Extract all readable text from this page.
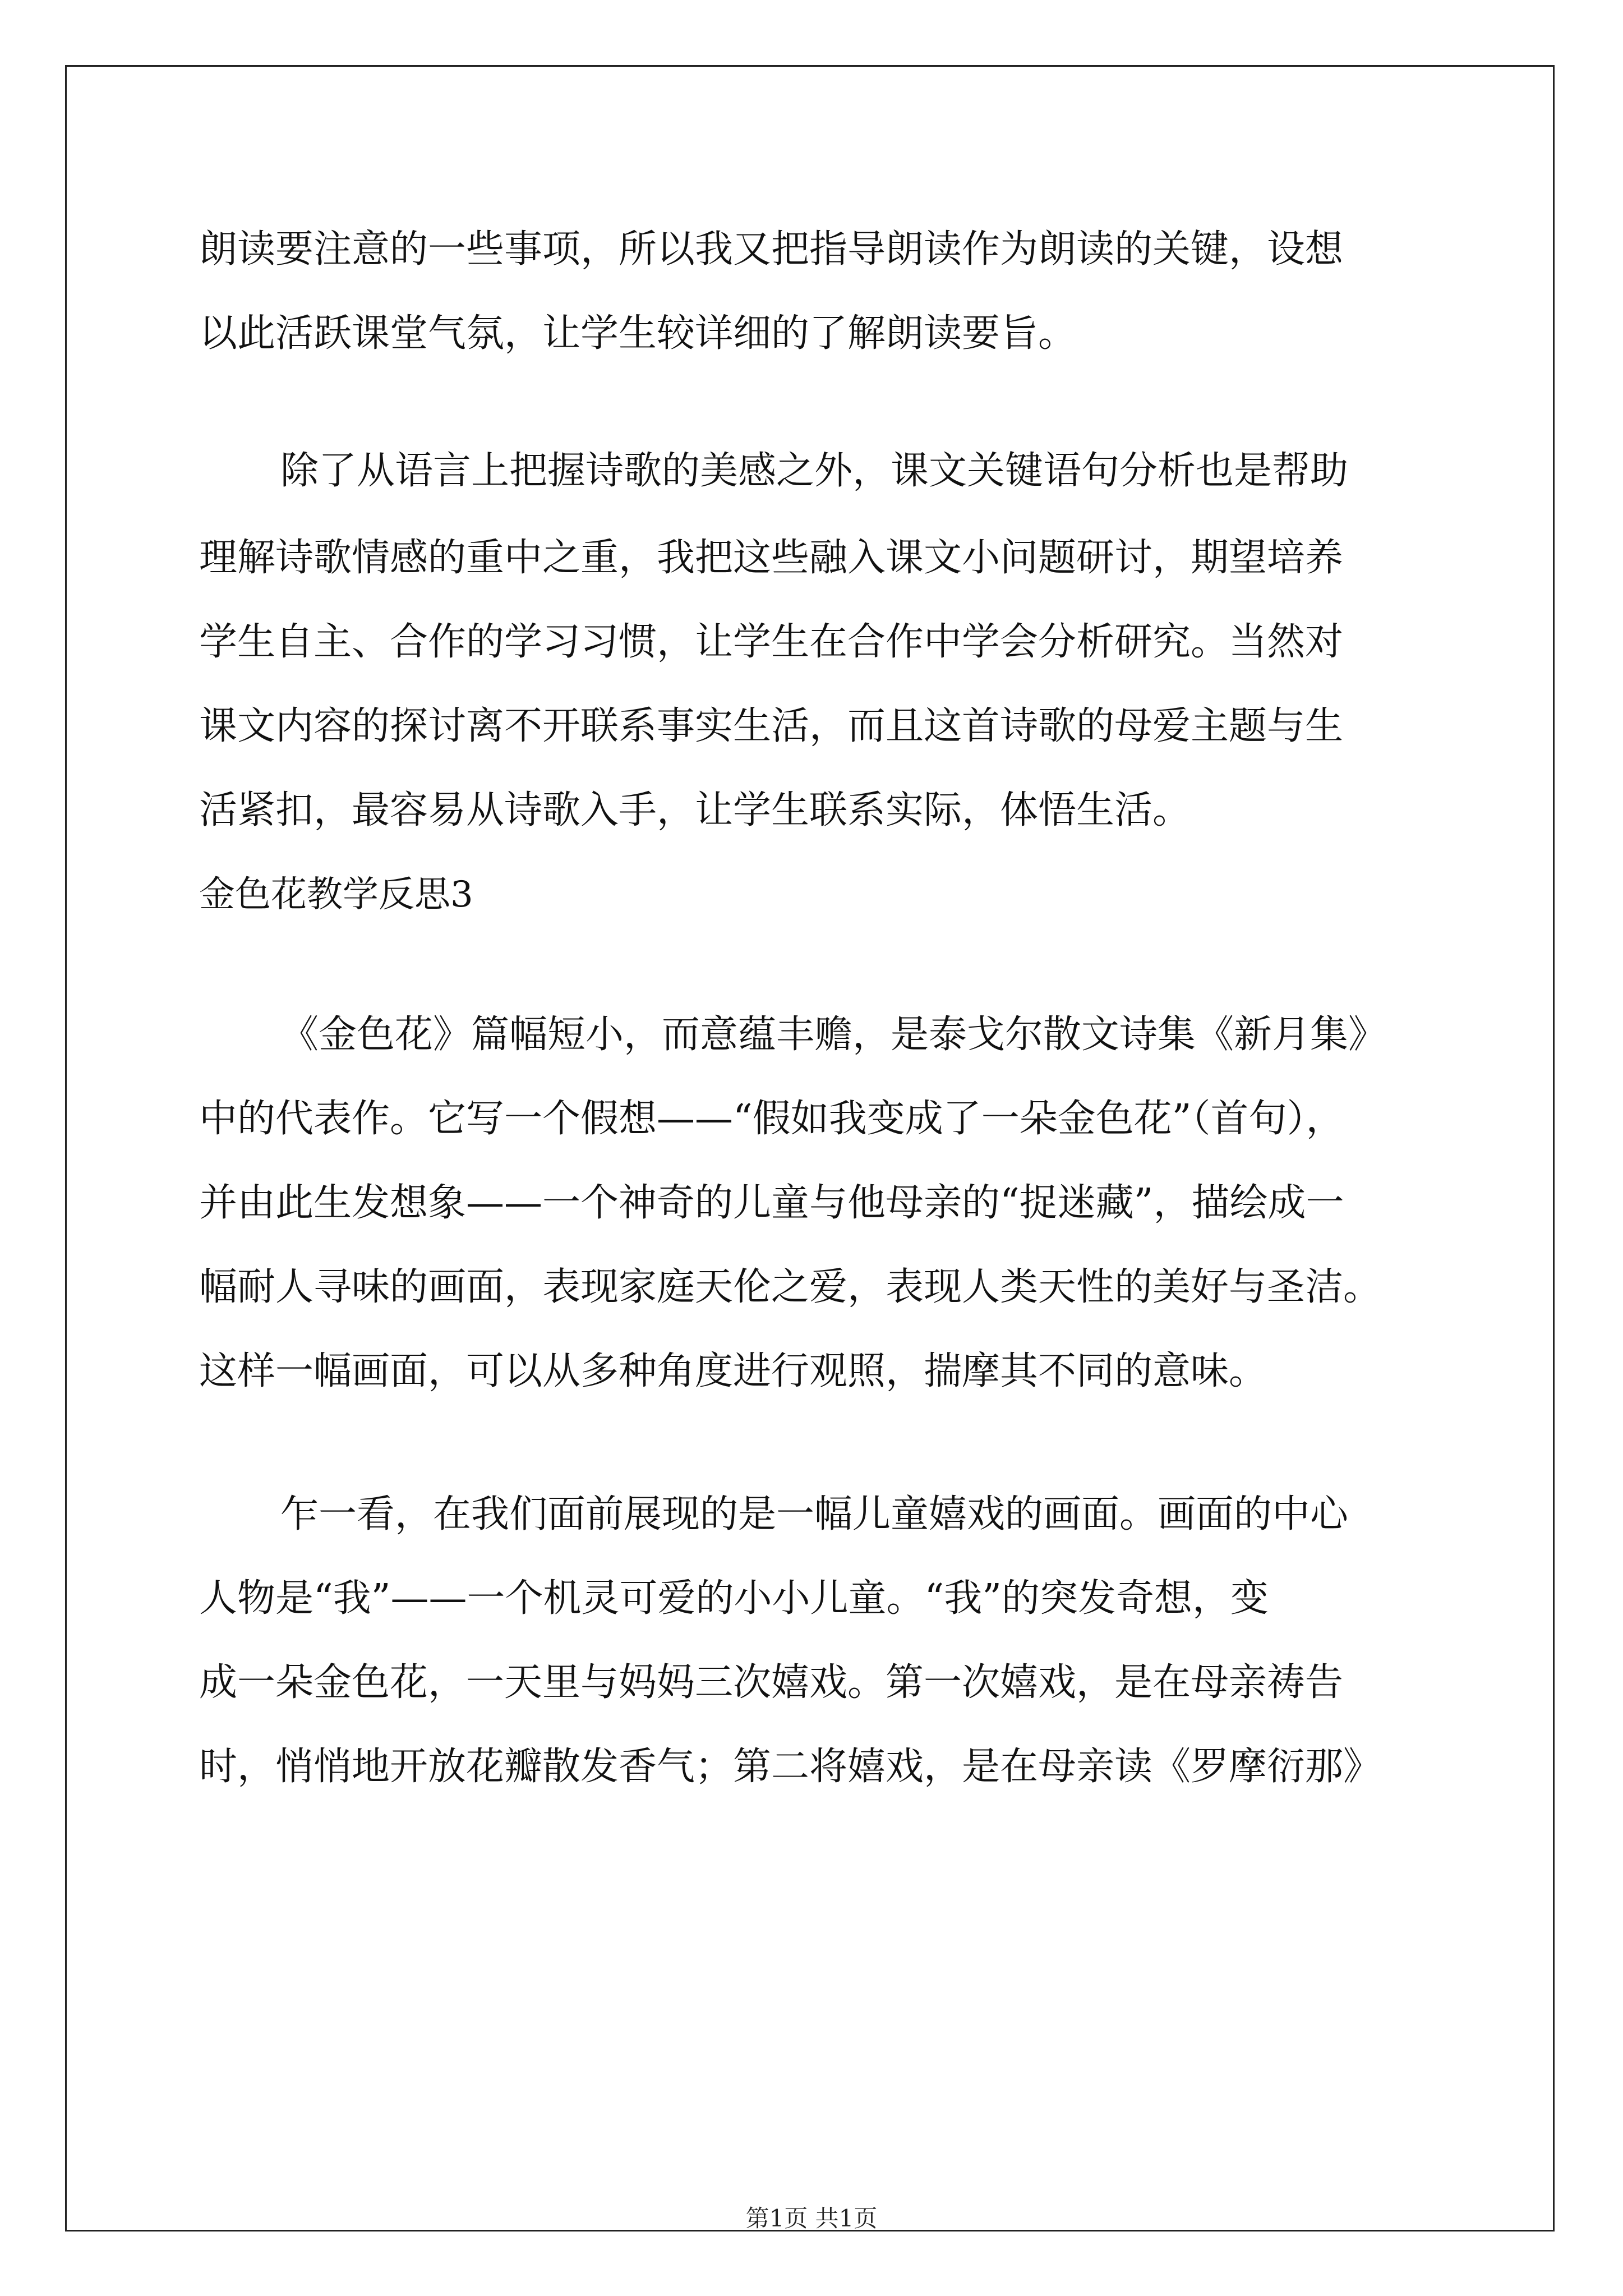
朗读要注意的一些事项，所以我又把指导朗读作为朗读的关键，设想
以此活跃课堂气氛，让学生较详细的了解朗读要旨。
除了从语言上把握诗歌的美感之外，课文关键语句分析也是帮助
理解诗歌情感的重中之重，我把这些融入课文小问题研讨，期望培养
学生自主、合作的学习习惯，让学生在合作中学会分析研究。当然对
课文内容的探讨离不开联系事实生活，而且这首诗歌的母爱主题与生
活紧扣，最容易从诗歌入手，让学生联系实际，体悟生活。
金色花教学反思3
《金色花》篇幅短小，而意蕴丰赡，是泰戈尔散文诗集《新月集》
中的代表作。它写一个假想——“假如我变成了一朵金色花”（首句），
并由此生发想象——一个神奇的儿童与他母亲的“捉迷藏”，描绘成一
幅耐人寻味的画面，表现家庭天伦之爱，表现人类天性的美好与圣洁。
这样一幅画面，可以从多种角度进行观照，揣摩其不同的意味。
乍一看，在我们面前展现的是一幅儿童嬉戏的画面。画面的中心
人物是“我”——一个机灵可爱的小小儿童。“我”的突发奇想，变
成一朵金色花，一天里与妈妈三次嬉戏。第一次嬉戏，是在母亲祷告
时，悄悄地开放花瓣散发香气；第二将嬉戏，是在母亲读《罗摩衍那》
第1页 共1页
